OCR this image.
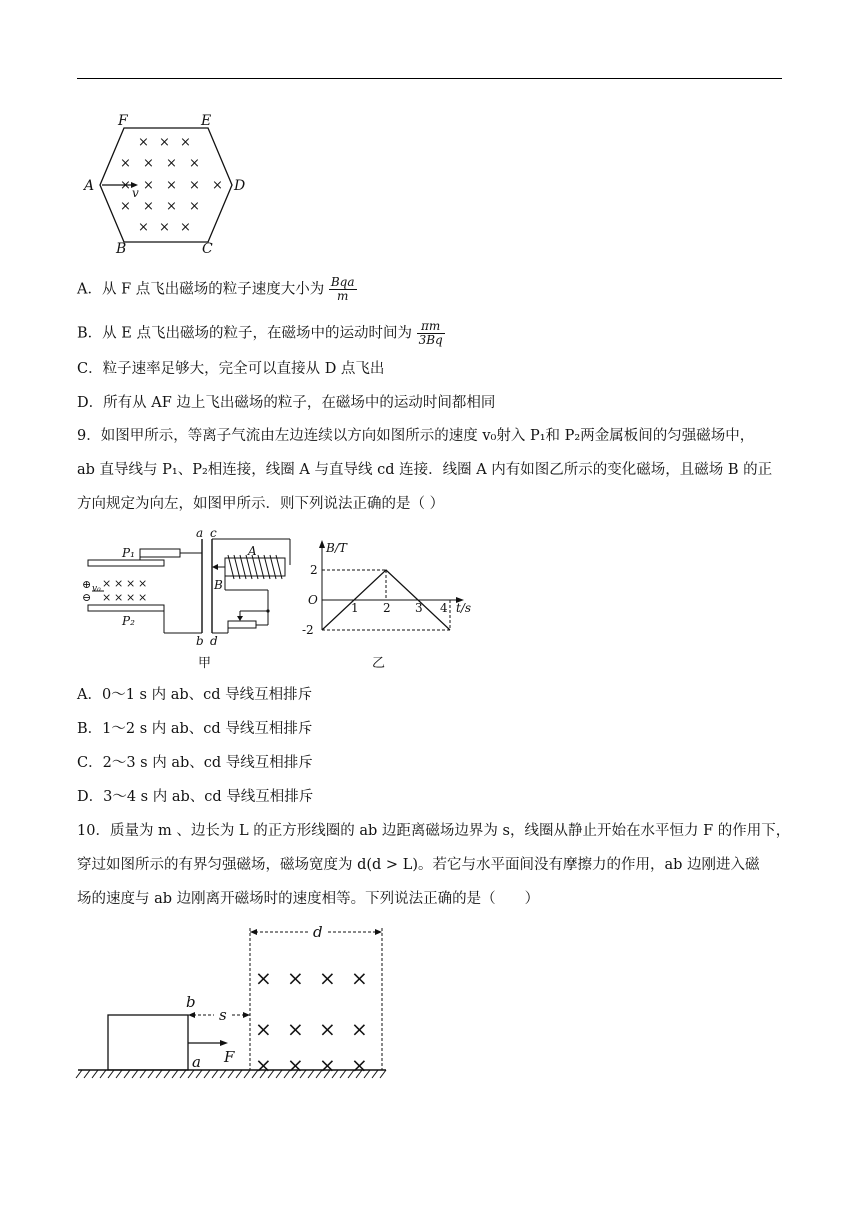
× × ×
× × × ×
× × × × ×
× × × ×
× × ×
F	E
A	D
B	C
v
A．从 F 点飞出磁场的粒子速度大小为 $\frac{\text{Bqa}}{m}$
B．从 E 点飞出磁场的粒子，在磁场中的运动时间为 $\frac{\pi m}{3Bq}$
C．粒子速率足够大，完全可以直接从 D 点飞出
D．所有从 AF 边上飞出磁场的粒子，在磁场中的运动时间都相同
9．如图甲所示，等离子气流由左边连续以方向如图所示的速度 v₀射入 P₁和 P₂两金属板间的匀强磁场中，
ab 直导线与 P₁、P₂相连接，线圈 A 与直导线 cd 连接．线圈 A 内有如图乙所示的变化磁场，且磁场 B 的正
方向规定为向左，如图甲所示．则下列说法正确的是（ ）
× × × ×
× × × ×
⊕
⊖
v₀
a c
A
P₁
P₂
B
b d
甲
B/T
t/s
O
2
-2
1 2 3 4
乙
A．0～1 s 内 ab、cd 导线互相排斥
B．1～2 s 内 ab、cd 导线互相排斥
C．2～3 s 内 ab、cd 导线互相排斥
D．3～4 s 内 ab、cd 导线互相排斥
10．质量为 m 、边长为 L 的正方形线圈的 ab 边距离磁场边界为 s，线圈从静止开始在水平恒力 F 的作用下，
穿过如图所示的有界匀强磁场，磁场宽度为 d(d > L)。若它与水平面间没有摩擦力的作用，ab 边刚进入磁
场的速度与 ab 边刚离开磁场时的速度相等。下列说法正确的是（　　）
× × × ×
× × × ×
× × × ×
d
b
s
a F
